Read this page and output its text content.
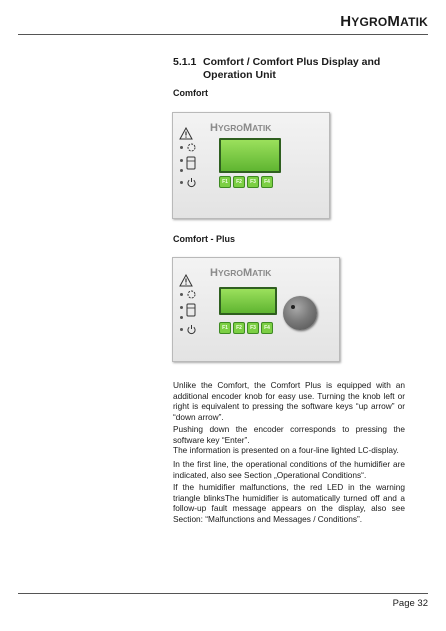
HYGROMATIK
5.1.1 Comfort / Comfort Plus Display and Operation Unit
Comfort
HYGROMATIK
F1	F2	F3	F4
Comfort - Plus
HYGROMATIK
F1	F2	F3	F4
Unlike the Comfort, the Comfort Plus is equipped with an additional encoder knob for easy use. Turning the knob left or right is equivalent to pressing the software keys “up arrow” or “down arrow”.
Pushing down the encoder corresponds to pressing the software key “Enter”.
The information is presented on a four-line lighted LC-display.
In the first line, the operational conditions of the humidifier are indicated, also see Section „Operational Conditions“.
If the humidifier malfunctions, the red LED in the warning triangle blinksThe humidifier is automatically turned off and a follow-up fault message appears on the display, also see Section: “Malfunctions and Messages / Conditions”.
Page 32
